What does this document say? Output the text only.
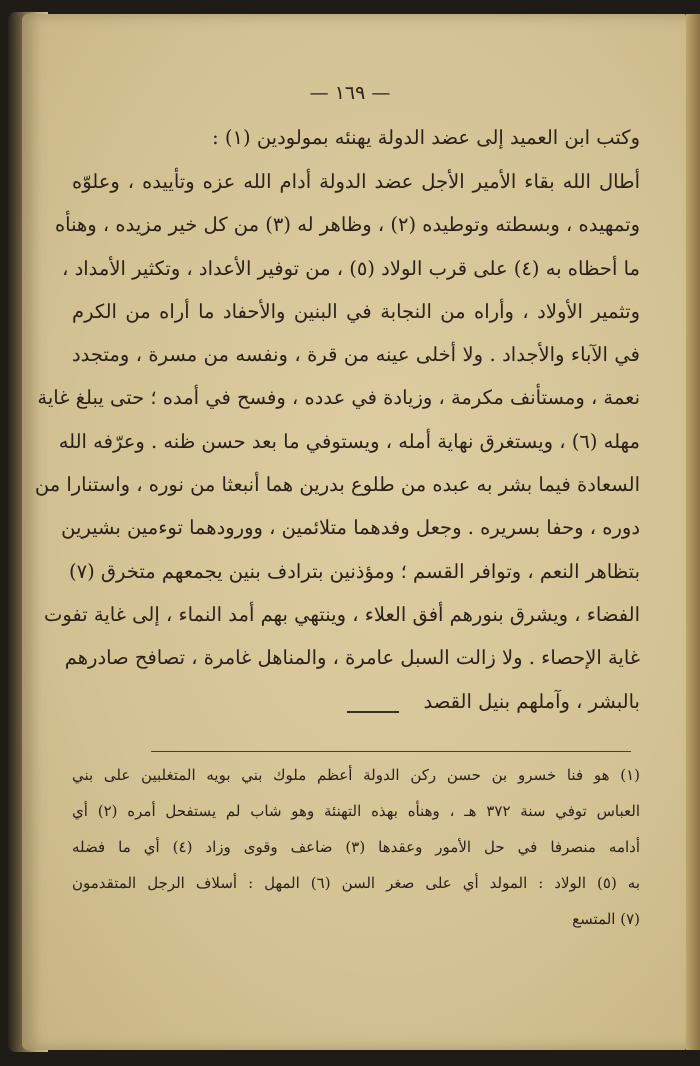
— ١٦٩ —
وكتب ابن العميد إلى عضد الدولة يهنئه بمولودين (١) :
أطال الله بقاء الأمير الأجل عضد الدولة أدام الله عزه وتأييده ، وعلوّه
وتمهيده ، وبسطته وتوطيده (٢) ، وظاهر له (٣) من كل خير مزيده ، وهنأه
ما أحظاه به (٤) على قرب الولاد (٥) ، من توفير الأعداد ، وتكثير الأمداد ،
وتثمير الأولاد ، وأراه من النجابة في البنين والأحفاد ما أراه من الكرم
في الآباء والأجداد . ولا أخلى عينه من قرة ، ونفسه من مسرة ، ومتجدد
نعمة ، ومستأنف مكرمة ، وزيادة في عدده ، وفسح في أمده ؛ حتى يبلغ غاية
مهله (٦) ، ويستغرق نهاية أمله ، ويستوفي ما بعد حسن ظنه . وعرّفه الله
السعادة فيما بشر به عبده من طلوع بدرين هما أنبعثا من نوره ، واستنارا من
دوره ، وحفا بسريره . وجعل وفدهما متلائمين ، وورودهما توءمين بشيرين
بتظاهر النعم ، وتوافر القسم ؛ ومؤذنين بترادف بنين يجمعهم متخرق (٧)
الفضاء ، ويشرق بنورهم أفق العلاء ، وينتهي بهم أمد النماء ، إلى غاية تفوت
غاية الإحصاء . ولا زالت السبل عامرة ، والمناهل غامرة ، تصافح صادرهم
بالبشر ، وآملهم بنيل القصد
(١) هو فنا خسرو بن حسن ركن الدولة أعظم ملوك بني بويه المتغلبين على بني
العباس توفي سنة ٣٧٢ هـ ، وهنأه بهذه التهنئة وهو شاب لم يستفحل أمره (٢) أي
أدامه منصرفا في حل الأمور وعقدها (٣) ضاعف وقوى وزاد (٤) أي ما فضله
به (٥) الولاد : المولد أي على صغر السن (٦) المهل : أسلاف الرجل المتقدمون
(٧) المتسع
